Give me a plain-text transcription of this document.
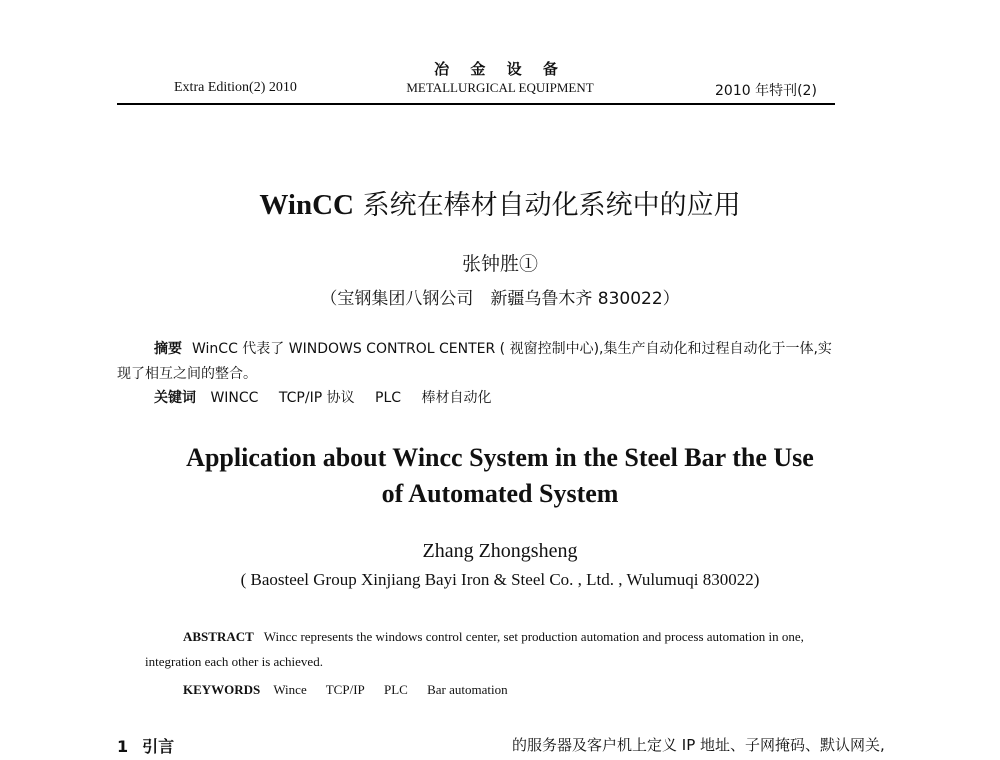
Extra Edition(2) 2010
冶 金 设 备
METALLURGICAL EQUIPMENT	2010 年特刊(2)
WinCC 系统在棒材自动化系统中的应用
张钟胜①
（宝钢集团八钢公司　新疆乌鲁木齐 830022）
摘要 WinCC 代表了 WINDOWS CONTROL CENTER ( 视窗控制中心),集生产自动化和过程自动化于一体,实现了相互之间的整合。
关键词 WINCC TCP/IP 协议 PLC 棒材自动化
Application about Wincc System in the Steel Bar the Use
of Automated System
Zhang Zhongsheng
( Baosteel Group Xinjiang Bayi Iron & Steel Co. , Ltd. , Wulumuqi 830022)
ABSTRACT Wincc represents the windows control center, set production automation and process automation in one, integration each other is achieved.
KEYWORDS Wince TCP/IP PLC Bar automation
1 引言	的服务器及客户机上定义 IP 地址、子网掩码、默认网关,
